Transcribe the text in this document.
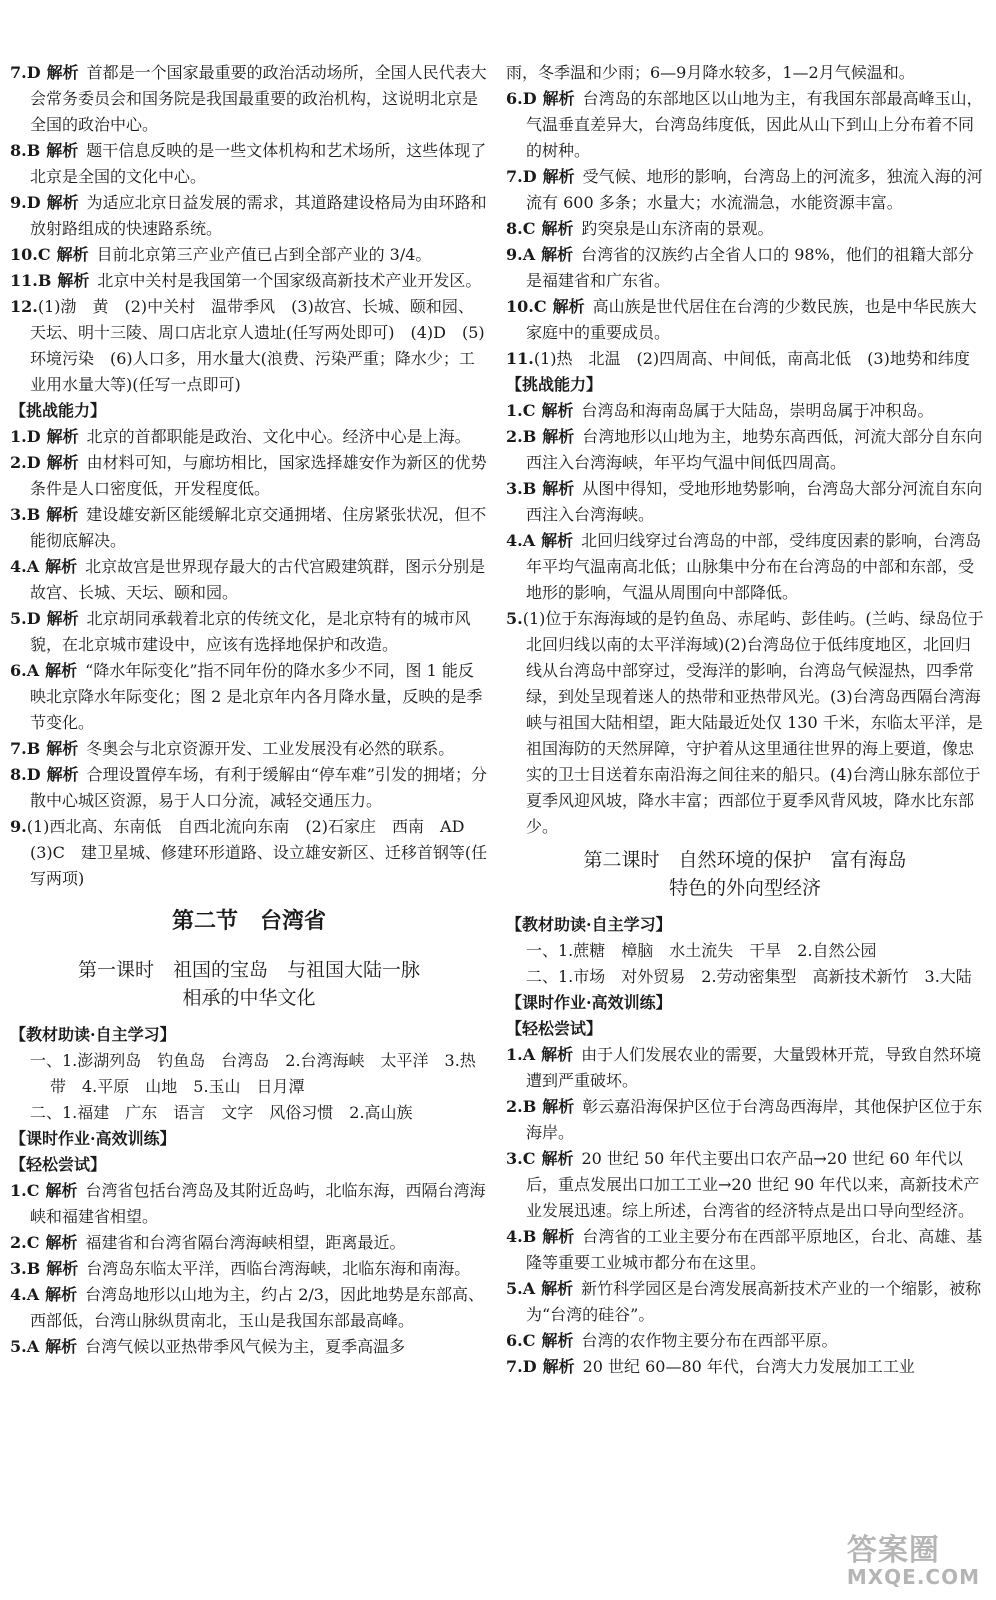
7.D 解析 首都是一个国家最重要的政治活动场所，全国人民代表大会常务委员会和国务院是我国最重要的政治机构，这说明北京是全国的政治中心。

8.B 解析 题干信息反映的是一些文体机构和艺术场所，这些体现了北京是全国的文化中心。

9.D 解析 为适应北京日益发展的需求，其道路建设格局为由环路和放射路组成的快速路系统。

10.C 解析 目前北京第三产业产值已占到全部产业的 3/4。

11.B 解析 北京中关村是我国第一个国家级高新技术产业开发区。

12.(1)渤　黄　(2)中关村　温带季风　(3)故宫、长城、颐和园、天坛、明十三陵、周口店北京人遗址(任写两处即可)　(4)D　(5)环境污染　(6)人口多，用水量大(浪费、污染严重；降水少；工业用水量大等)(任写一点即可)

【挑战能力】

1.D 解析 北京的首都职能是政治、文化中心。经济中心是上海。

2.D 解析 由材料可知，与廊坊相比，国家选择雄安作为新区的优势条件是人口密度低，开发程度低。

3.B 解析 建设雄安新区能缓解北京交通拥堵、住房紧张状况，但不能彻底解决。

4.A 解析 北京故宫是世界现存最大的古代宫殿建筑群，图示分别是故宫、长城、天坛、颐和园。

5.D 解析 北京胡同承载着北京的传统文化，是北京特有的城市风貌，在北京城市建设中，应该有选择地保护和改造。

6.A 解析 “降水年际变化”指不同年份的降水多少不同，图 1 能反映北京降水年际变化；图 2 是北京年内各月降水量，反映的是季节变化。

7.B 解析 冬奥会与北京资源开发、工业发展没有必然的联系。

8.D 解析 合理设置停车场，有利于缓解由“停车难”引发的拥堵；分散中心城区资源，易于人口分流，减轻交通压力。

9.(1)西北高、东南低　自西北流向东南　(2)石家庄　西南　AD　(3)C　建卫星城、修建环形道路、设立雄安新区、迁移首钢等(任写两项)

第二节　台湾省

第一课时　祖国的宝岛　与祖国大陆一脉
相承的中华文化

【教材助读·自主学习】

一、1.澎湖列岛　钓鱼岛　台湾岛　2.台湾海峡　太平洋　3.热带　4.平原　山地　5.玉山　日月潭

二、1.福建　广东　语言　文字　风俗习惯　2.高山族

【课时作业·高效训练】

【轻松尝试】

1.C 解析 台湾省包括台湾岛及其附近岛屿，北临东海，西隔台湾海峡和福建省相望。

2.C 解析 福建省和台湾省隔台湾海峡相望，距离最近。

3.B 解析 台湾岛东临太平洋，西临台湾海峡，北临东海和南海。

4.A 解析 台湾岛地形以山地为主，约占 2/3，因此地势是东部高、西部低，台湾山脉纵贯南北，玉山是我国东部最高峰。

5.A 解析 台湾气候以亚热带季风气候为主，夏季高温多

雨，冬季温和少雨；6—9月降水较多，1—2月气候温和。

6.D 解析 台湾岛的东部地区以山地为主，有我国东部最高峰玉山，气温垂直差异大，台湾岛纬度低，因此从山下到山上分布着不同的树种。

7.D 解析 受气候、地形的影响，台湾岛上的河流多，独流入海的河流有 600 多条；水量大；水流湍急，水能资源丰富。

8.C 解析 趵突泉是山东济南的景观。

9.A 解析 台湾省的汉族约占全省人口的 98%，他们的祖籍大部分是福建省和广东省。

10.C 解析 高山族是世代居住在台湾的少数民族，也是中华民族大家庭中的重要成员。

11.(1)热　北温　(2)四周高、中间低，南高北低　(3)地势和纬度

【挑战能力】

1.C 解析 台湾岛和海南岛属于大陆岛，崇明岛属于冲积岛。

2.B 解析 台湾地形以山地为主，地势东高西低，河流大部分自东向西注入台湾海峡，年平均气温中间低四周高。

3.B 解析 从图中得知，受地形地势影响，台湾岛大部分河流自东向西注入台湾海峡。

4.A 解析 北回归线穿过台湾岛的中部，受纬度因素的影响，台湾岛年平均气温南高北低；山脉集中分布在台湾岛的中部和东部，受地形的影响，气温从周围向中部降低。

5.(1)位于东海海域的是钓鱼岛、赤尾屿、彭佳屿。(兰屿、绿岛位于北回归线以南的太平洋海域)(2)台湾岛位于低纬度地区，北回归线从台湾岛中部穿过，受海洋的影响，台湾岛气候湿热，四季常绿，到处呈现着迷人的热带和亚热带风光。(3)台湾岛西隔台湾海峡与祖国大陆相望，距大陆最近处仅 130 千米，东临太平洋，是祖国海防的天然屏障，守护着从这里通往世界的海上要道，像忠实的卫士目送着东南沿海之间往来的船只。(4)台湾山脉东部位于夏季风迎风坡，降水丰富；西部位于夏季风背风坡，降水比东部少。

第二课时　自然环境的保护　富有海岛
特色的外向型经济

【教材助读·自主学习】

一、1.蔗糖　樟脑　水土流失　干旱　2.自然公园

二、1.市场　对外贸易　2.劳动密集型　高新技术新竹　3.大陆

【课时作业·高效训练】

【轻松尝试】

1.A 解析 由于人们发展农业的需要，大量毁林开荒，导致自然环境遭到严重破坏。

2.B 解析 彰云嘉沿海保护区位于台湾岛西海岸，其他保护区位于东海岸。

3.C 解析 20 世纪 50 年代主要出口农产品→20 世纪 60 年代以后，重点发展出口加工工业→20 世纪 90 年代以来，高新技术产业发展迅速。综上所述，台湾省的经济特点是出口导向型经济。

4.B 解析 台湾省的工业主要分布在西部平原地区，台北、高雄、基隆等重要工业城市都分布在这里。

5.A 解析 新竹科学园区是台湾发展高新技术产业的一个缩影，被称为“台湾的硅谷”。

6.C 解析 台湾的农作物主要分布在西部平原。

7.D 解析 20 世纪 60—80 年代，台湾大力发展加工工业

答案圈
MXQE.COM
